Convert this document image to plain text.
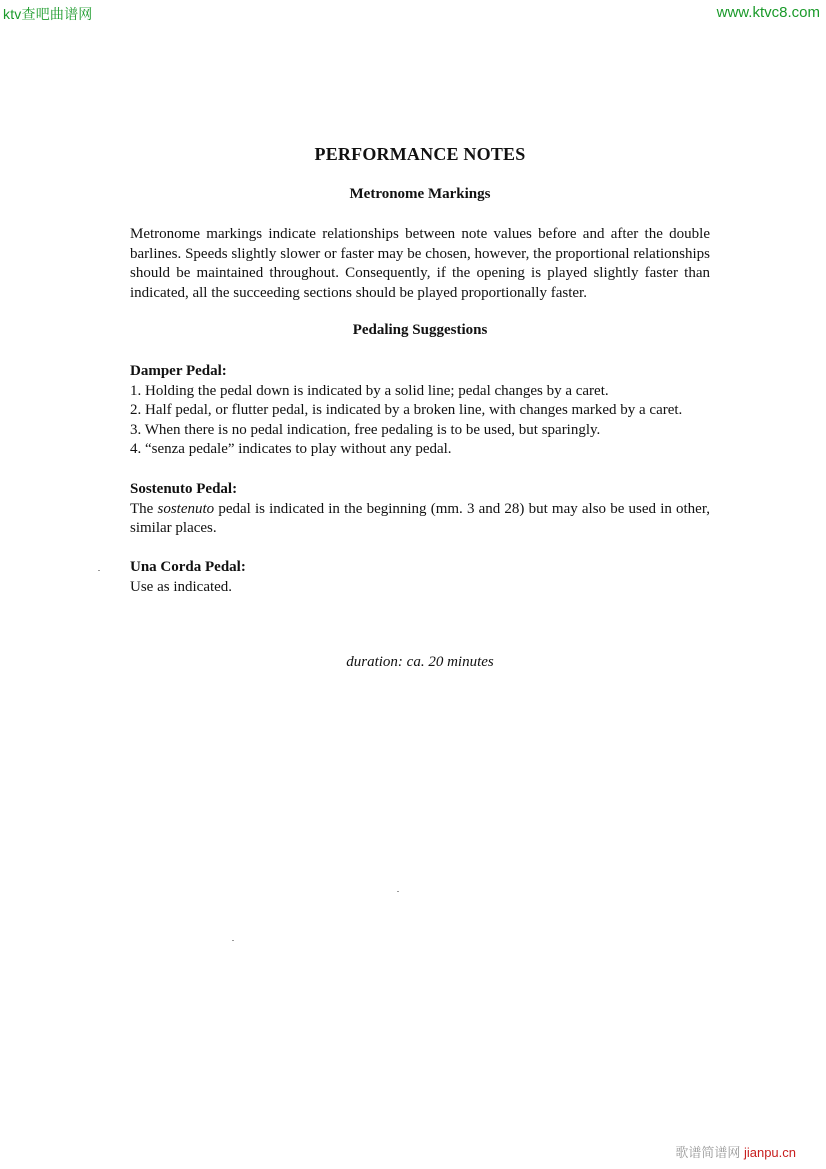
ktv查吧曲谱网	www.ktvc8.com
PERFORMANCE NOTES
Metronome Markings
Metronome markings indicate relationships between note values before and after the double barlines. Speeds slightly slower or faster may be chosen, however, the proportional relationships should be maintained throughout. Consequently, if the opening is played slightly faster than indicated, all the succeeding sections should be played proportionally faster.
Pedaling Suggestions
Damper Pedal:
1. Holding the pedal down is indicated by a solid line; pedal changes by a caret.
2. Half pedal, or flutter pedal, is indicated by a broken line, with changes marked by a caret.
3. When there is no pedal indication, free pedaling is to be used, but sparingly.
4. “senza pedale” indicates to play without any pedal.
Sostenuto Pedal:
The sostenuto pedal is indicated in the beginning (mm. 3 and 28) but may also be used in other, similar places.
Una Corda Pedal:
Use as indicated.
duration: ca. 20 minutes
歌谱简谱网 jianpu.cn
